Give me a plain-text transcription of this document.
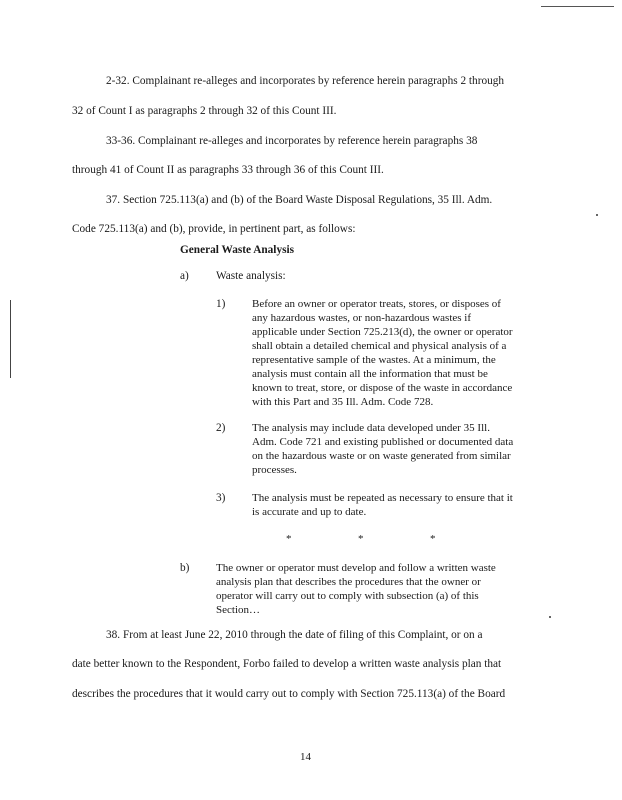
2-32. Complainant re-alleges and incorporates by reference herein paragraphs 2 through
32 of Count I as paragraphs 2 through 32 of this Count III.
33-36. Complainant re-alleges and incorporates by reference herein paragraphs 38
through 41 of Count II as paragraphs 33 through 36 of this Count III.
37. Section 725.113(a) and (b) of the Board Waste Disposal Regulations, 35 Ill. Adm.
Code 725.113(a) and (b), provide, in pertinent part, as follows:
General Waste Analysis
a) Waste analysis:
1) Before an owner or operator treats, stores, or disposes of
any hazardous wastes, or non-hazardous wastes if
applicable under Section 725.213(d), the owner or operator
shall obtain a detailed chemical and physical analysis of a
representative sample of the wastes. At a minimum, the
analysis must contain all the information that must be
known to treat, store, or dispose of the waste in accordance
with this Part and 35 Ill. Adm. Code 728.
2) The analysis may include data developed under 35 Ill.
Adm. Code 721 and existing published or documented data
on the hazardous waste or on waste generated from similar
processes.
3) The analysis must be repeated as necessary to ensure that it
is accurate and up to date.
*	*	*
b) The owner or operator must develop and follow a written waste
analysis plan that describes the procedures that the owner or
operator will carry out to comply with subsection (a) of this
Section…
38. From at least June 22, 2010 through the date of filing of this Complaint, or on a
date better known to the Respondent, Forbo failed to develop a written waste analysis plan that
describes the procedures that it would carry out to comply with Section 725.113(a) of the Board
14
